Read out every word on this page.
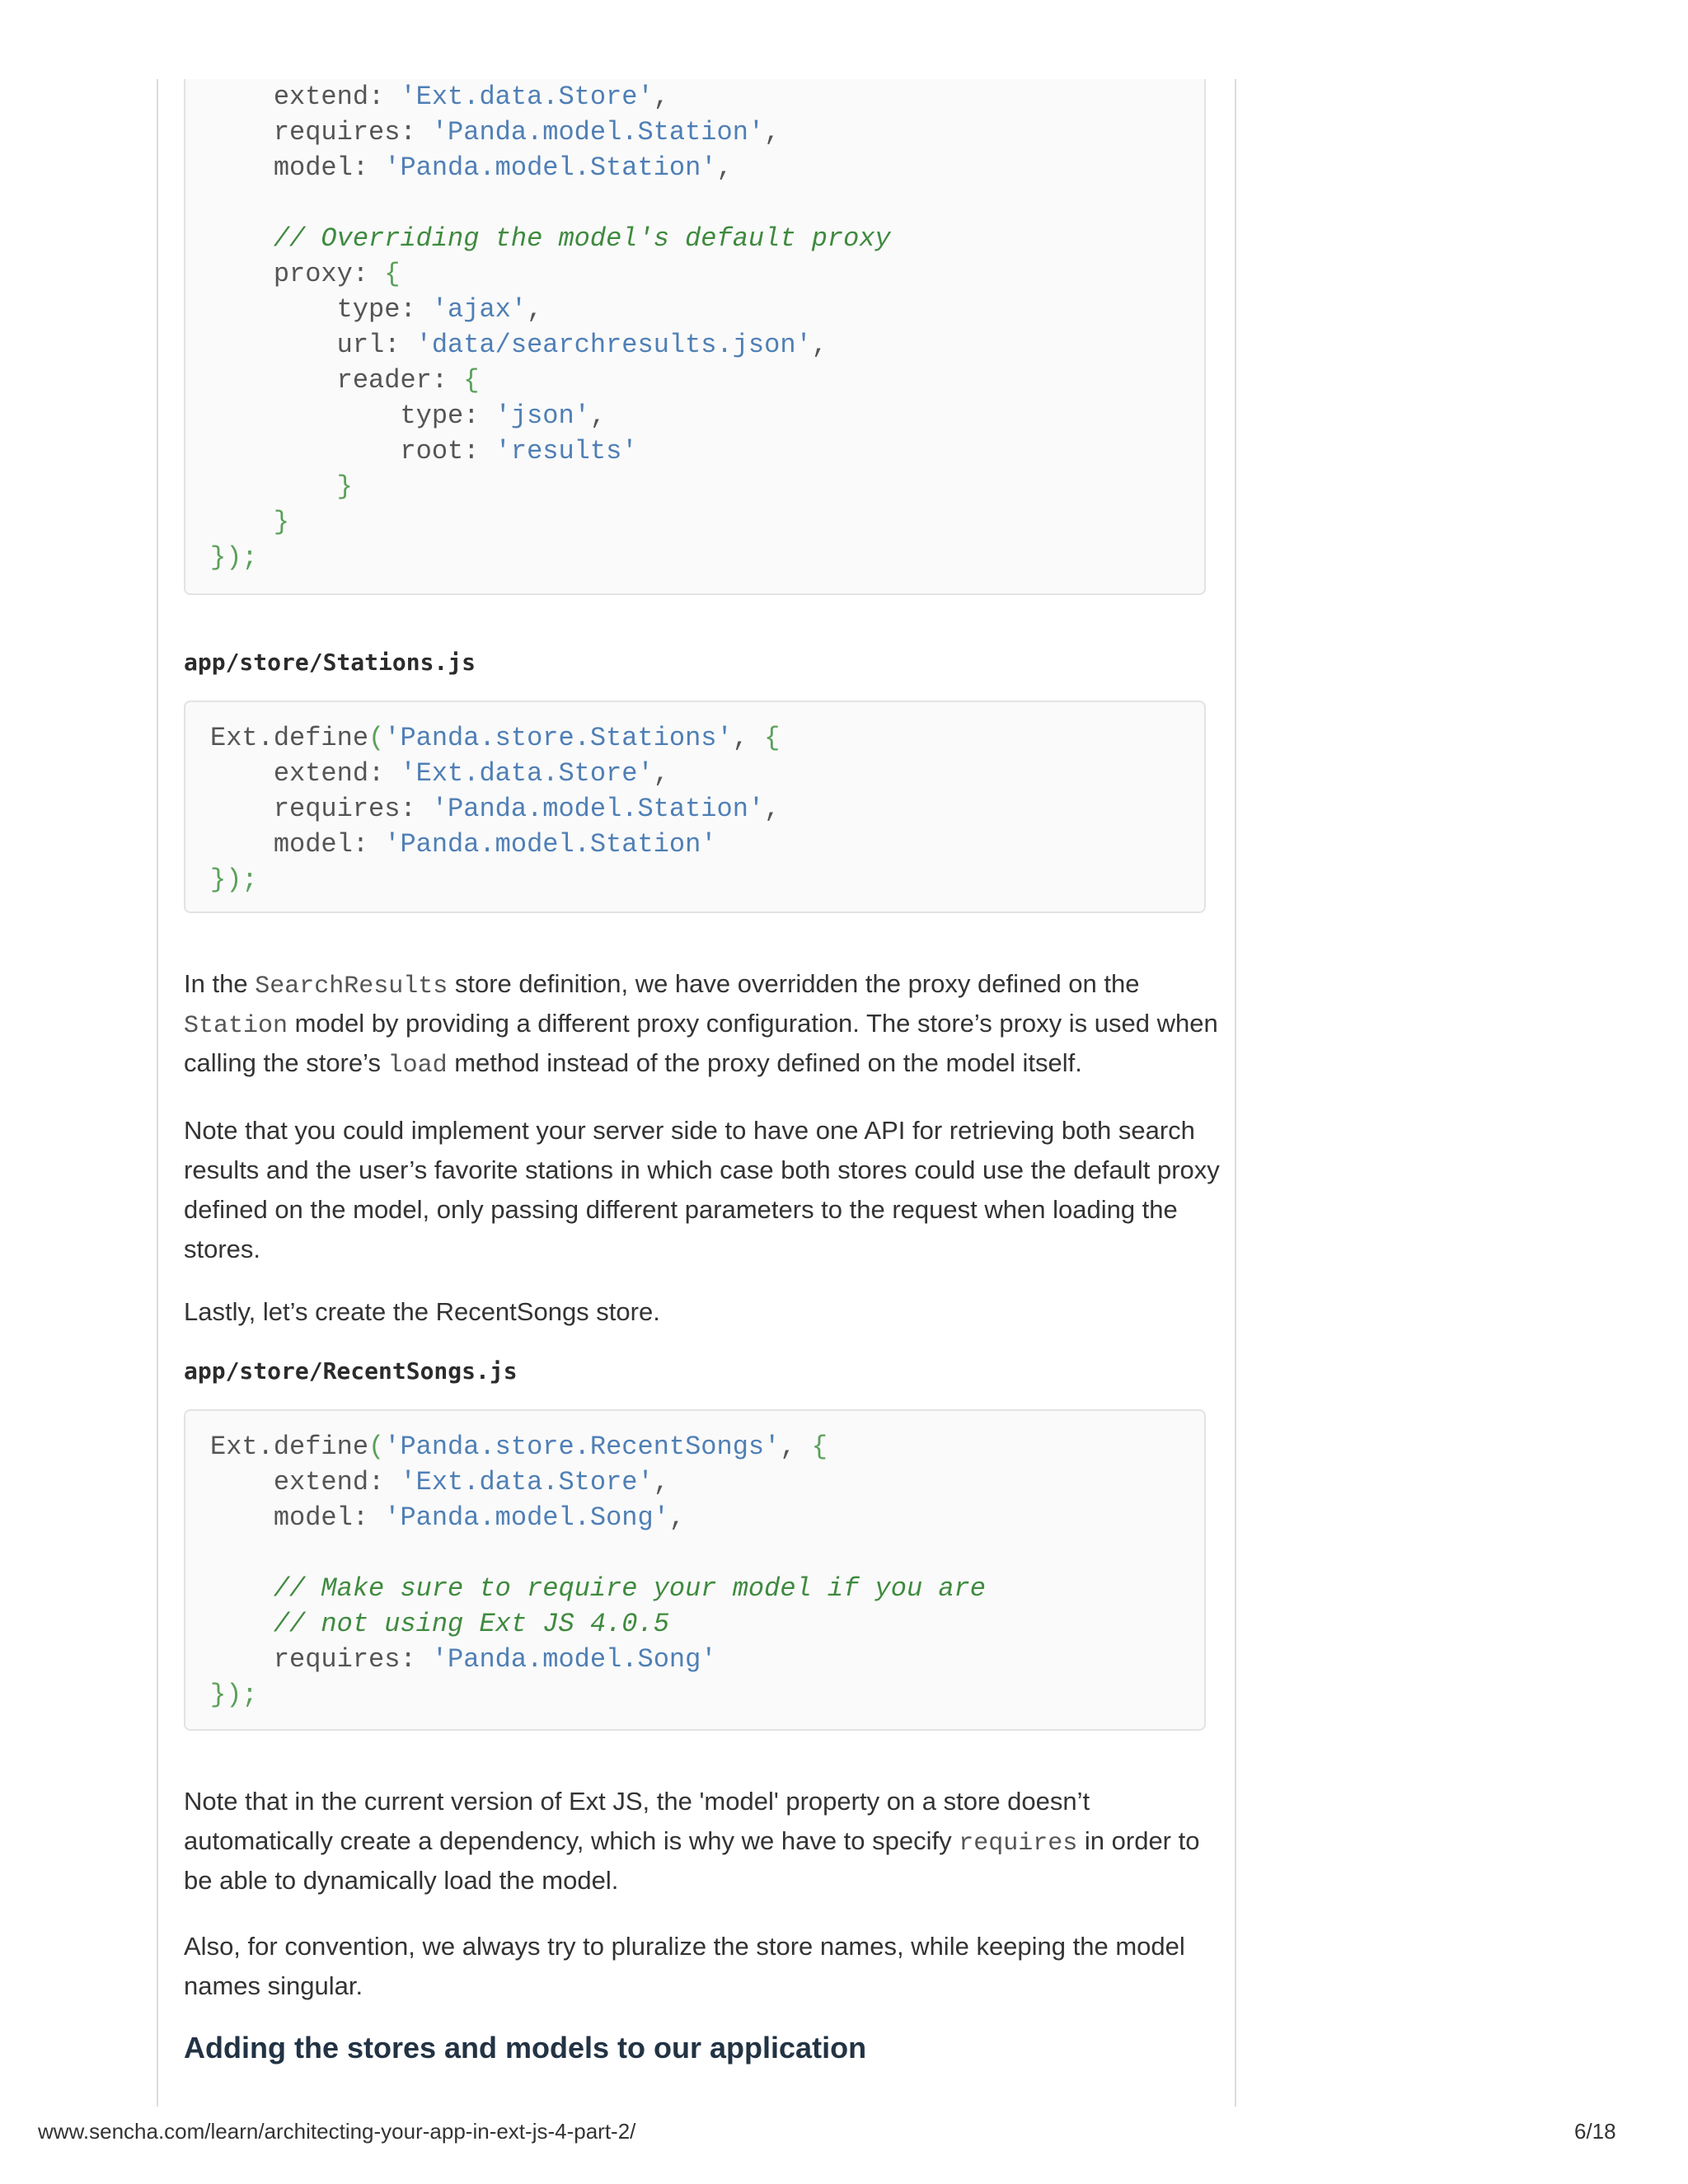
extend: 'Ext.data.Store',
requires: 'Panda.model.Station',
model: 'Panda.model.Station',
// Overriding the model's default proxy
proxy: {
type: 'ajax',
url: 'data/searchresults.json',
reader: {
type: 'json',
root: 'results'
}
}
});
app/store/Stations.js
Ext.define('Panda.store.Stations', {
extend: 'Ext.data.Store',
requires: 'Panda.model.Station',
model: 'Panda.model.Station'
});
In the SearchResults store definition, we have overridden the proxy defined on the
Station model by providing a different proxy configuration. The store’s proxy is used when
calling the store’s load method instead of the proxy defined on the model itself.
Note that you could implement your server side to have one API for retrieving both search
results and the user’s favorite stations in which case both stores could use the default proxy
defined on the model, only passing different parameters to the request when loading the
stores.
Lastly, let’s create the RecentSongs store.
app/store/RecentSongs.js
Ext.define('Panda.store.RecentSongs', {
extend: 'Ext.data.Store',
model: 'Panda.model.Song',
// Make sure to require your model if you are
// not using Ext JS 4.0.5
requires: 'Panda.model.Song'
});
Note that in the current version of Ext JS, the 'model' property on a store doesn’t
automatically create a dependency, which is why we have to specify requires in order to
be able to dynamically load the model.
Also, for convention, we always try to pluralize the store names, while keeping the model
names singular.
Adding the stores and models to our application
www.sencha.com/learn/architecting-your-app-in-ext-js-4-part-2/	6/18
